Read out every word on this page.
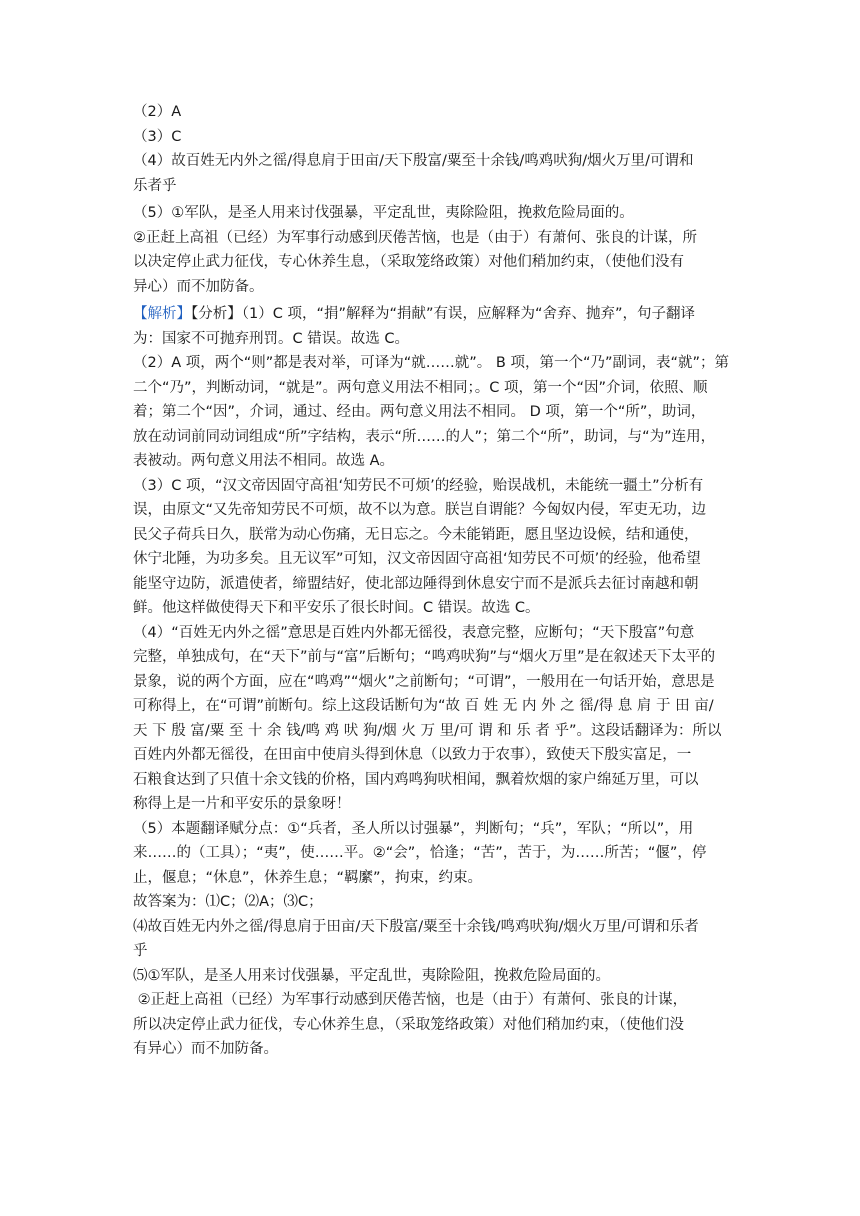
（2）A

（3）C

（4）故百姓无内外之徭/得息肩于田亩/天下殷富/粟至十余钱/鸣鸡吠狗/烟火万里/可谓和

乐者乎

（5）①军队，是圣人用来讨伐强暴，平定乱世，夷除险阻，挽救危险局面的。

②正赶上高祖（已经）为军事行动感到厌倦苦恼，也是（由于）有萧何、张良的计谋，所

以决定停止武力征伐，专心休养生息，（采取笼络政策）对他们稍加约束，（使他们没有

异心）而不加防备。

【解析】【分析】（1）C 项，“捐”解释为“捐献”有误，应解释为“舍弃、抛弃”，句子翻译

为：国家不可抛弃刑罚。C 错误。故选 C。

（2）A 项，两个“则”都是表对举，可译为“就……就”。 B 项，第一个“乃”副词，表“就”；第

二个“乃”，判断动词，“就是”。两句意义用法不相同；。C 项，第一个“因”介词，依照、顺

着；第二个“因”，介词，通过、经由。两句意义用法不相同。 D 项，第一个“所”，助词，

放在动词前同动词组成“所”字结构，表示“所……的人”；第二个“所”，助词，与“为”连用，

表被动。两句意义用法不相同。故选 A。

（3）C 项，“汉文帝因固守高祖‘知劳民不可烦’的经验，贻误战机，未能统一疆土”分析有

误，由原文“又先帝知劳民不可烦，故不以为意。朕岂自谓能？今匈奴内侵，军吏无功，边

民父子荷兵日久，朕常为动心伤痛，无日忘之。今未能销距，愿且坚边设候，结和通使，

休宁北陲，为功多矣。且无议军”可知，汉文帝因固守高祖‘知劳民不可烦’的经验，他希望

能坚守边防，派遣使者，缔盟结好，使北部边陲得到休息安宁而不是派兵去征讨南越和朝

鲜。他这样做使得天下和平安乐了很长时间。C 错误。故选 C。

（4）“百姓无内外之徭”意思是百姓内外都无徭役，表意完整，应断句；“天下殷富”句意

完整，单独成句，在“天下”前与“富”后断句；“鸣鸡吠狗”与“烟火万里”是在叙述天下太平的

景象，说的两个方面，应在“鸣鸡”“烟火”之前断句；“可谓”，一般用在一句话开始，意思是

可称得上，在“可谓”前断句。综上这段话断句为“故 百 姓 无 内 外 之 徭/得 息 肩 于 田 亩/

天 下 殷 富/粟 至 十 余 钱/鸣 鸡 吠 狗/烟 火 万 里/可 谓 和 乐 者 乎”。这段话翻译为：所以

百姓内外都无徭役，在田亩中使肩头得到休息（以致力于农事），致使天下殷实富足，一

石粮食达到了只值十余文钱的价格，国内鸡鸣狗吠相闻，飘着炊烟的家户绵延万里，可以

称得上是一片和平安乐的景象呀！

（5）本题翻译赋分点：①“兵者，圣人所以讨强暴”，判断句；“兵”，军队；“所以”，用

来……的（工具）；“夷”，使……平。②“会”，恰逢；“苦”，苦于，为……所苦；“偃”，停

止，偃息；“休息”，休养生息；“羁縻”，拘束，约束。

故答案为：⑴C；⑵A；⑶C；

⑷故百姓无内外之徭/得息肩于田亩/天下殷富/粟至十余钱/鸣鸡吠狗/烟火万里/可谓和乐者

乎

⑸①军队，是圣人用来讨伐强暴，平定乱世，夷除险阻，挽救危险局面的。

②正赶上高祖（已经）为军事行动感到厌倦苦恼，也是（由于）有萧何、张良的计谋，

所以决定停止武力征伐，专心休养生息，（采取笼络政策）对他们稍加约束，（使他们没

有异心）而不加防备。
